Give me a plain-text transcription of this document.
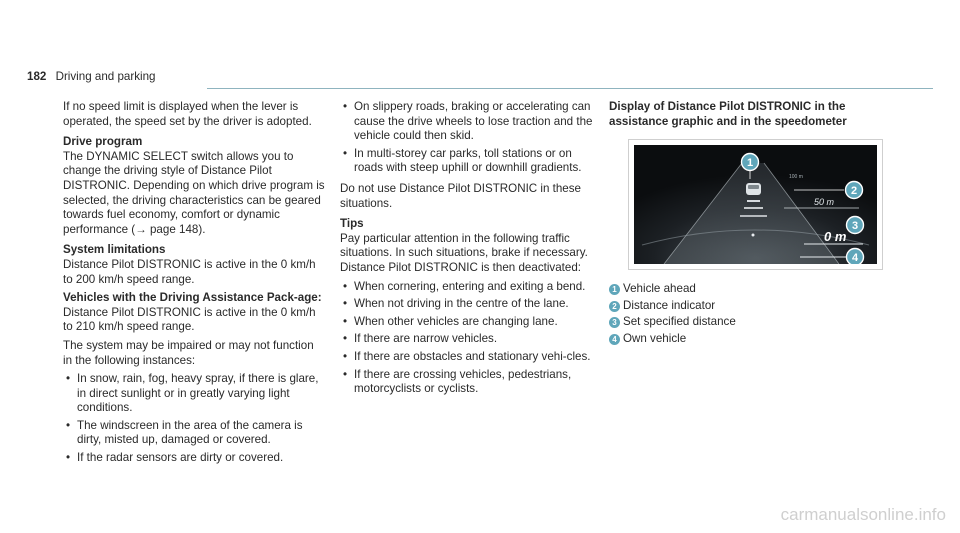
182 Driving and parking

If no speed limit is displayed when the lever is operated, the speed set by the driver is adopted.

Drive program

The DYNAMIC SELECT switch allows you to change the driving style of Distance Pilot DISTRONIC. Depending on which drive program is selected, the driving characteristics can be geared towards fuel economy, comfort or dynamic performance (→ page 148).

System limitations

Distance Pilot DISTRONIC is active in the 0 km/h to 200 km/h speed range.

Vehicles with the Driving Assistance Pack-age: Distance Pilot DISTRONIC is active in the 0 km/h to 210 km/h speed range.

The system may be impaired or may not function in the following instances:

• In snow, rain, fog, heavy spray, if there is glare, in direct sunlight or in greatly varying light conditions.
• The windscreen in the area of the camera is dirty, misted up, damaged or covered.
• If the radar sensors are dirty or covered.
• On slippery roads, braking or accelerating can cause the drive wheels to lose traction and the vehicle could then skid.
• In multi-storey car parks, toll stations or on roads with steep uphill or downhill gradients.

Do not use Distance Pilot DISTRONIC in these situations.

Tips

Pay particular attention in the following traffic situations. In such situations, brake if necessary. Distance Pilot DISTRONIC is then deactivated:

• When cornering, entering and exiting a bend.
• When not driving in the centre of the lane.
• When other vehicles are changing lane.
• If there are narrow vehicles.
• If there are obstacles and stationary vehi-cles.
• If there are crossing vehicles, pedestrians, motorcyclists or cyclists.
Display of Distance Pilot DISTRONIC in the assistance graphic and in the speedometer
100 m
50 m
0 m
1
2
3
4
1 Vehicle ahead
2 Distance indicator
3 Set specified distance
4 Own vehicle
carmanualsonline.info
